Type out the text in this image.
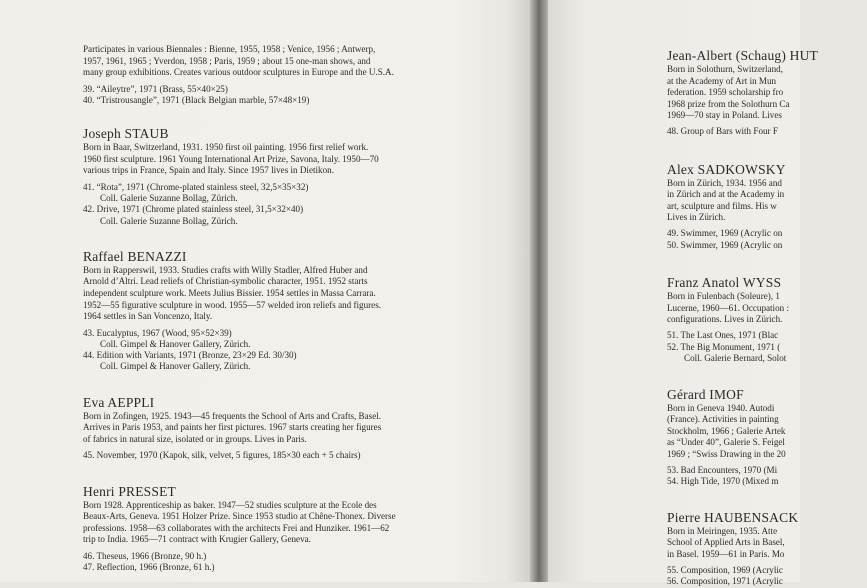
Participates in various Biennales : Bienne, 1955, 1958 ; Venice, 1956 ; Antwerp,
1957, 1961, 1965 ; Yverdon, 1958 ; Paris, 1959 ; about 15 one-man shows, and
many group exhibitions. Creates various outdoor sculptures in Europe and the U.S.A.
39. “Aileytre”, 1971 (Brass, 55×40×25)
40. “Tristrousangle”, 1971 (Black Belgian marble, 57×48×19)
Joseph STAUB
Born in Baar, Switzerland, 1931. 1950 first oil painting. 1956 first relief work.
1960 first sculpture. 1961 Young International Art Prize, Savona, Italy. 1950—70
various trips in France, Spain and Italy. Since 1957 lives in Dietikon.
41. “Rota”, 1971 (Chrome-plated stainless steel, 32,5×35×32)
Coll. Galerie Suzanne Bollag, Zürich.
42. Drive, 1971 (Chrome plated stainless steel, 31,5×32×40)
Coll. Galerie Suzanne Bollag, Zürich.
Raffael BENAZZI
Born in Rapperswil, 1933. Studies crafts with Willy Stadler, Alfred Huber and
Arnold d’Altri. Lead reliefs of Christian-symbolic character, 1951. 1952 starts
independent sculpture work. Meets Julius Bissier. 1954 settles in Massa Carrara.
1952—55 figurative sculpture in wood. 1955—57 welded iron reliefs and figures.
1964 settles in San Voncenzo, Italy.
43. Eucalyptus, 1967 (Wood, 95×52×39)
Coll. Gimpel & Hanover Gallery, Zürich.
44. Edition with Variants, 1971 (Bronze, 23×29 Ed. 30/30)
Coll. Gimpel & Hanover Gallery, Zürich.
Eva AEPPLI
Born in Zofingen, 1925. 1943—45 frequents the School of Arts and Crafts, Basel.
Arrives in Paris 1953, and paints her first pictures. 1967 starts creating her figures
of fabrics in natural size, isolated or in groups. Lives in Paris.
45. November, 1970 (Kapok, silk, velvet, 5 figures, 185×30 each + 5 chairs)
Henri PRESSET
Born 1928. Apprenticeship as baker. 1947—52 studies sculpture at the Ecole des
Beaux-Arts, Geneva. 1951 Holzer Prize. Since 1953 studio at Chêne-Thonex. Diverse
professions. 1958—63 collaborates with the architects Frei and Hunziker. 1961—62
trip to India. 1965—71 contract with Krugier Gallery, Geneva.
46. Theseus, 1966 (Bronze, 90 h.)
47. Reflection, 1966 (Bronze, 61 h.)
Jean-Albert (Schaug) HUT
Born in Solothurn, Switzerland,
at the Academy of Art in Mun
federation. 1959 scholarship fro
1968 prize from the Solothurn Ca
1969—70 stay in Poland. Lives
48. Group of Bars with Four F
Alex SADKOWSKY
Born in Zürich, 1934. 1956 and
in Zürich and at the Academy in
art, sculpture and films. His w
Lives in Zürich.
49. Swimmer, 1969 (Acrylic on
50. Swimmer, 1969 (Acrylic on
Franz Anatol WYSS
Born in Fulenbach (Soleure), 1
Lucerne, 1960—61. Occupation :
configurations. Lives in Zürich.
51. The Last Ones, 1971 (Blac
52. The Big Monument, 1971 (
Coll. Galerie Bernard, Solot
Gérard IMOF
Born in Geneva 1940. Autodi
(France). Activities in painting
Stockholm, 1966 ; Galerie Artek
as “Under 40”, Galerie S. Feigel
1969 ; “Swiss Drawing in the 20
53. Bad Encounters, 1970 (Mi
54. High Tide, 1970 (Mixed m
Pierre HAUBENSACK
Born in Meiringen, 1935. Atte
School of Applied Arts in Basel,
in Basel. 1959—61 in Paris. Mo
55. Composition, 1969 (Acrylic
56. Composition, 1971 (Acrylic
